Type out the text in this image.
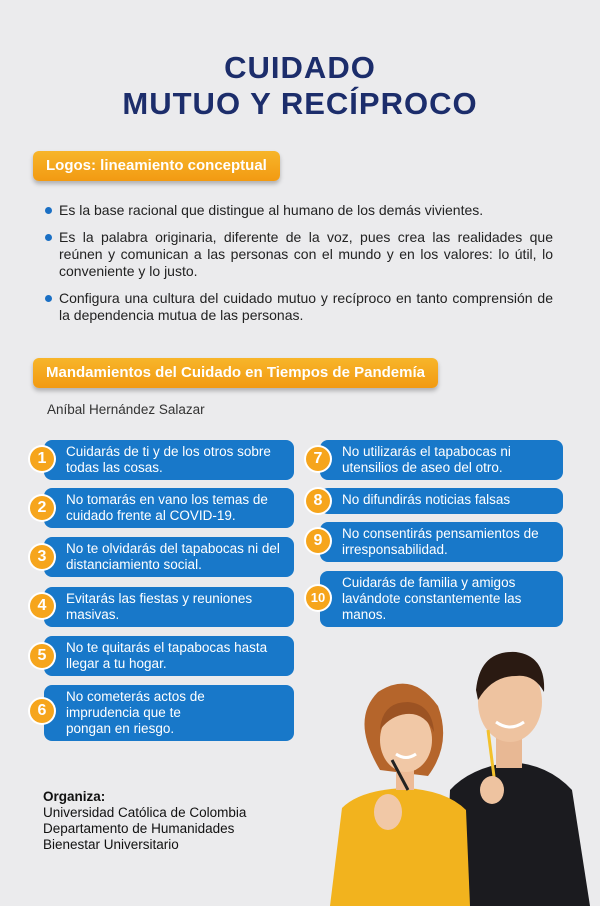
CUIDADO
MUTUO Y RECÍPROCO
Logos: lineamiento conceptual
Es la base racional que distingue al humano de los demás vivientes.
Es la palabra originaria, diferente de la voz, pues crea las realidades que reúnen y comunican a las personas con el mundo y en los valores: lo útil, lo conveniente y lo justo.
Configura una cultura del cuidado mutuo y recíproco en tanto comprensión de la dependencia mutua de las personas.
Mandamientos del Cuidado en Tiempos de Pandemía
Aníbal Hernández Salazar
Cuidarás de ti y de los otros sobre todas las cosas.
1
No tomarás en vano los temas de cuidado frente al COVID-19.
2
No te olvidarás del tapabocas ni del distanciamiento social.
3
Evitarás las fiestas y reuniones masivas.
4
No te quitarás el tapabocas hasta llegar a tu hogar.
5
No cometerás actos de imprudencia que te pongan en riesgo.
6
No utilizarás el tapabocas ni utensilios de aseo del otro.
7
No difundirás noticias falsas
8
No consentirás pensamientos de irresponsabilidad.
9
Cuidarás de familia y amigos lavándote constantemente las manos.
10
Organiza:
Universidad Católica de Colombia
Departamento de Humanidades
Bienestar Universitario
